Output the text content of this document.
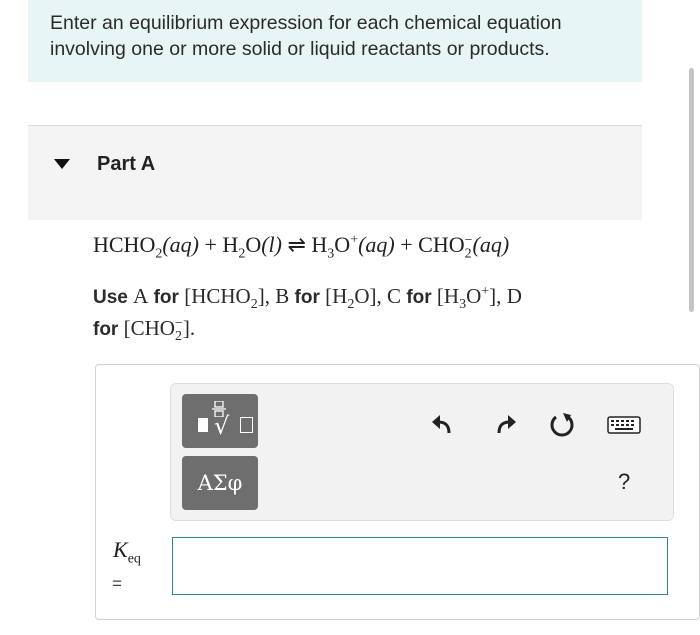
Enter an equilibrium expression for each chemical equation involving one or more solid or liquid reactants or products.

Part A
$HCHO_2(aq) + H_2O(l)$ ⇌ $H_3O^+(aq) + CHO_2^-(aq)$
Use A for $[HCHO_2]$, B for $[H_2O]$, C for $[H_3O^+]$, D
for $[CHO_2^-]$.
√
ΑΣφ	?
$K_{eq}$
=
